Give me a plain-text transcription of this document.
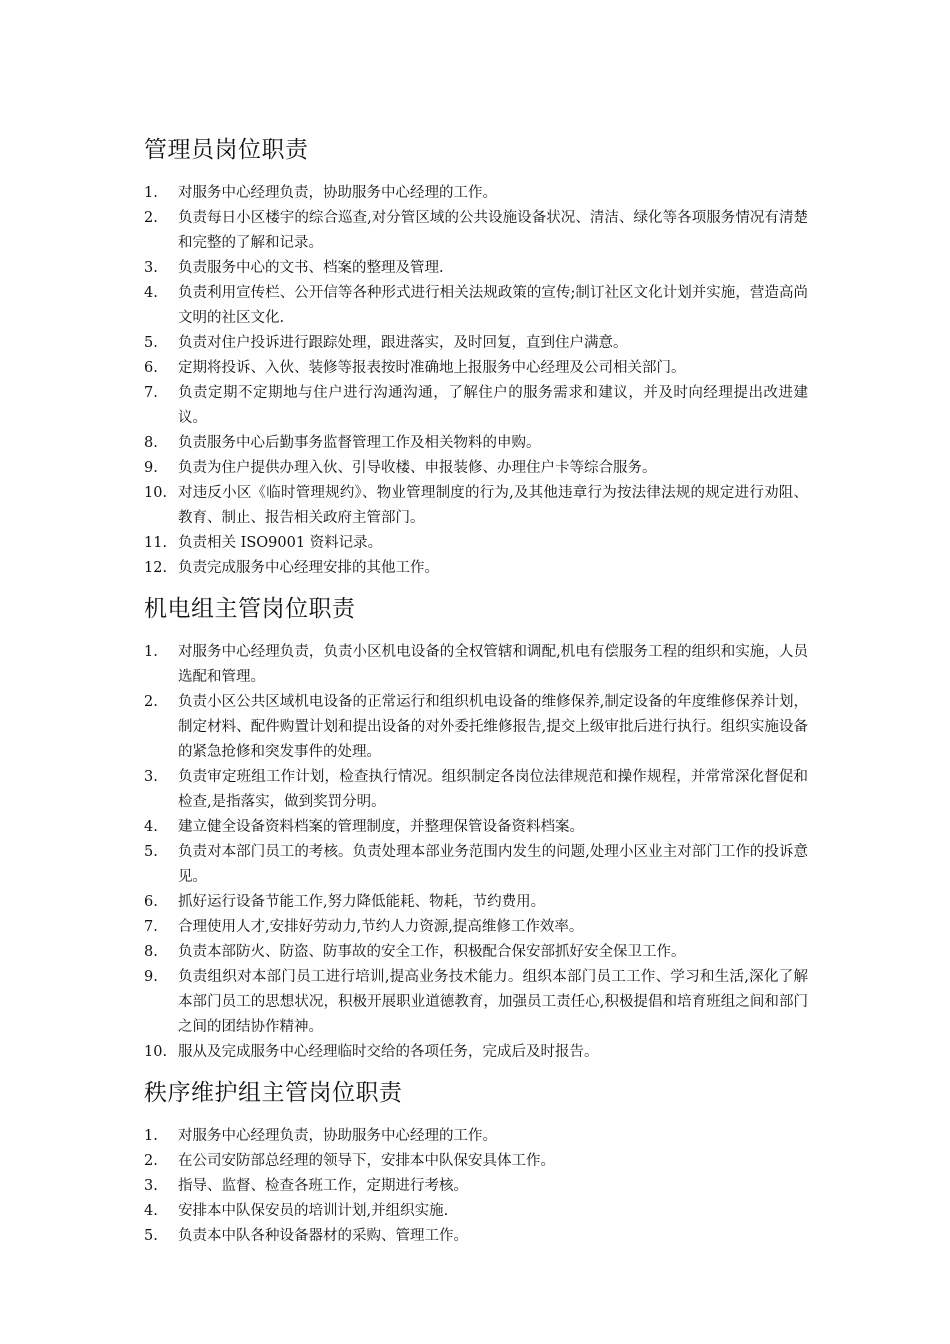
管理员岗位职责
1.	对服务中心经理负责，协助服务中心经理的工作。
2.	负责每日小区楼宇的综合巡查,对分管区域的公共设施设备状况、清洁、绿化等各项服务情况有清楚和完整的了解和记录。
3.	负责服务中心的文书、档案的整理及管理.
4.	负责利用宣传栏、公开信等各种形式进行相关法规政策的宣传;制订社区文化计划并实施，营造高尚文明的社区文化.
5.	负责对住户投诉进行跟踪处理，跟进落实，及时回复，直到住户满意。
6.	定期将投诉、入伙、装修等报表按时准确地上报服务中心经理及公司相关部门。
7.	负责定期不定期地与住户进行沟通沟通，了解住户的服务需求和建议，并及时向经理提出改进建议。
8.	负责服务中心后勤事务监督管理工作及相关物料的申购。
9.	负责为住户提供办理入伙、引导收楼、申报装修、办理住户卡等综合服务。
10. 对违反小区《临时管理规约》、物业管理制度的行为,及其他违章行为按法律法规的规定进行劝阻、教育、制止、报告相关政府主管部门。
11. 负责相关 ISO9001 资料记录。
12. 负责完成服务中心经理安排的其他工作。
机电组主管岗位职责
1.	对服务中心经理负责，负责小区机电设备的全权管辖和调配,机电有偿服务工程的组织和实施，人员选配和管理。
2.	负责小区公共区域机电设备的正常运行和组织机电设备的维修保养,制定设备的年度维修保养计划，制定材料、配件购置计划和提出设备的对外委托维修报告,提交上级审批后进行执行。组织实施设备的紧急抢修和突发事件的处理。
3.	负责审定班组工作计划，检查执行情况。组织制定各岗位法律规范和操作规程，并常常深化督促和检查,是指落实，做到奖罚分明。
4.	建立健全设备资料档案的管理制度，并整理保管设备资料档案。
5.	负责对本部门员工的考核。负责处理本部业务范围内发生的问题,处理小区业主对部门工作的投诉意见。
6.	抓好运行设备节能工作,努力降低能耗、物耗，节约费用。
7.	合理使用人才,安排好劳动力,节约人力资源,提高维修工作效率。
8.	负责本部防火、防盗、防事故的安全工作，积极配合保安部抓好安全保卫工作。
9.	负责组织对本部门员工进行培训,提高业务技术能力。组织本部门员工工作、学习和生活,深化了解本部门员工的思想状况，积极开展职业道德教育，加强员工责任心,积极提倡和培育班组之间和部门之间的团结协作精神。
10. 服从及完成服务中心经理临时交给的各项任务，完成后及时报告。
秩序维护组主管岗位职责
1.	对服务中心经理负责，协助服务中心经理的工作。
2.	在公司安防部总经理的领导下，安排本中队保安具体工作。
3.	指导、监督、检查各班工作，定期进行考核。
4.	安排本中队保安员的培训计划,并组织实施.
5.	负责本中队各种设备器材的采购、管理工作。
